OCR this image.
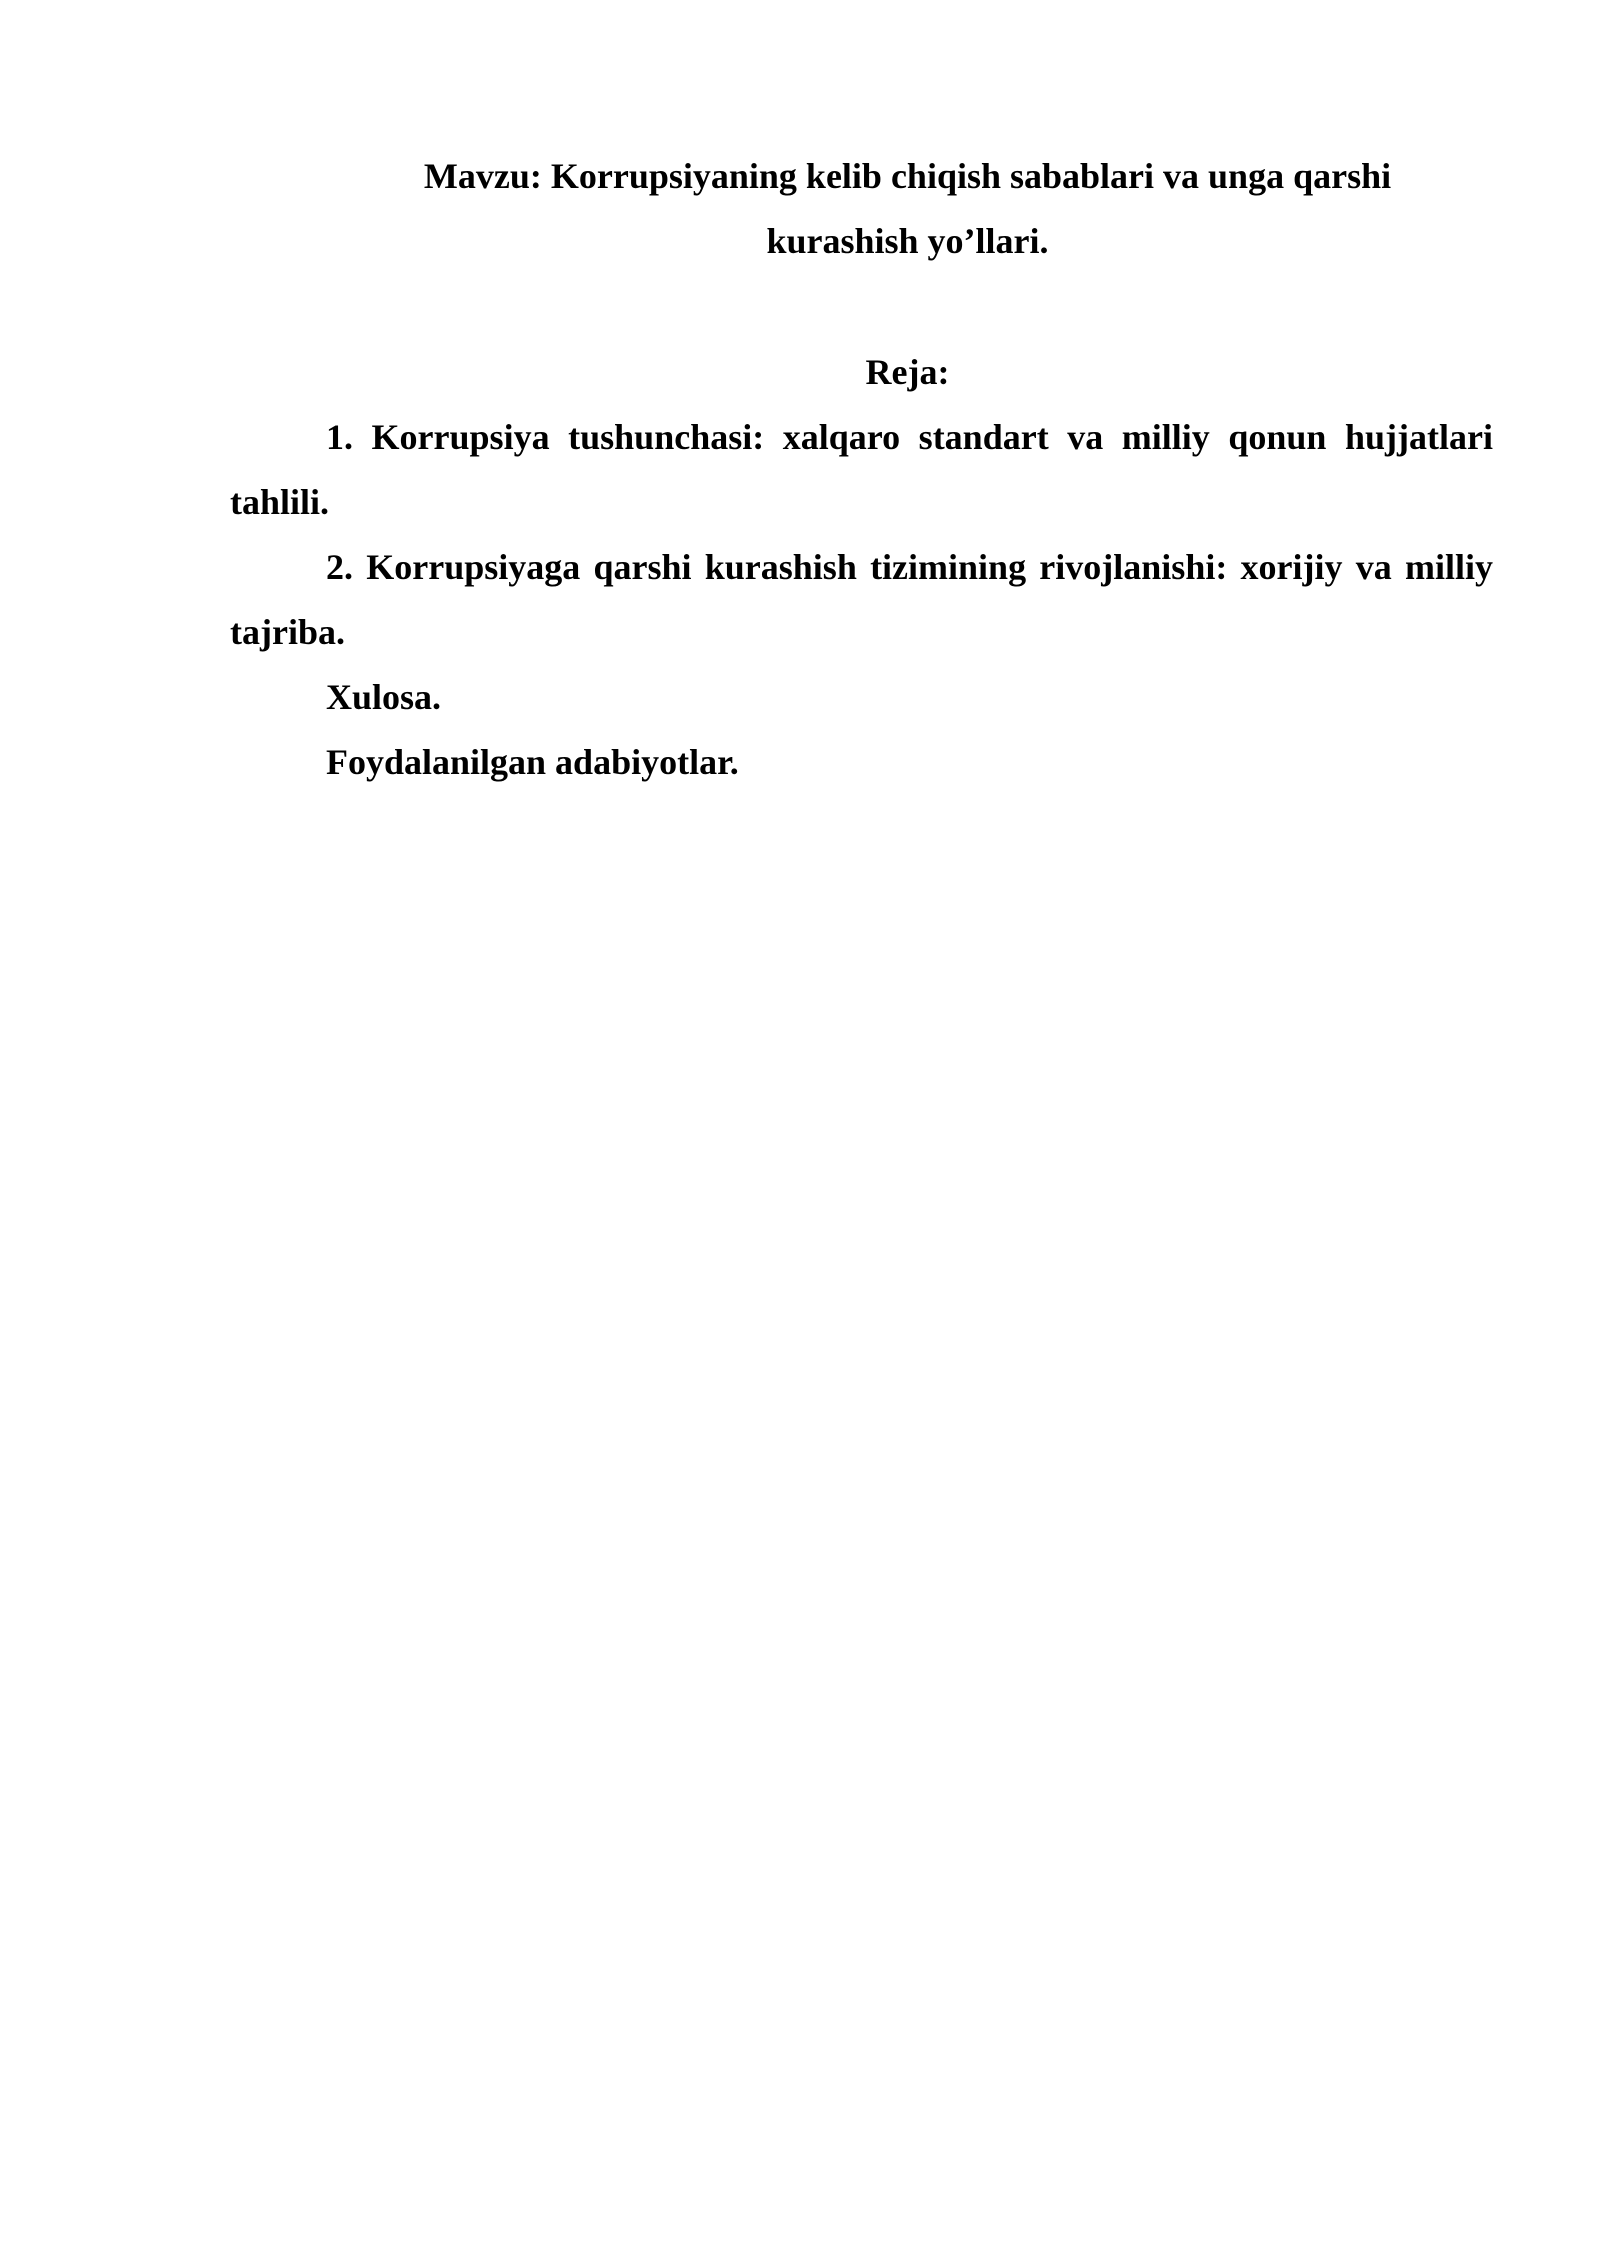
Mavzu: Korrupsiyaning kelib chiqish sabablari va unga qarshi kurashish yo’llari.
Reja:

1. Korrupsiya tushunchasi: xalqaro standart va milliy qonun hujjatlari tahlili.

2. Korrupsiyaga qarshi kurashish tizimining rivojlanishi: xorijiy va milliy tajriba.

Xulosa.

Foydalanilgan adabiyotlar.
